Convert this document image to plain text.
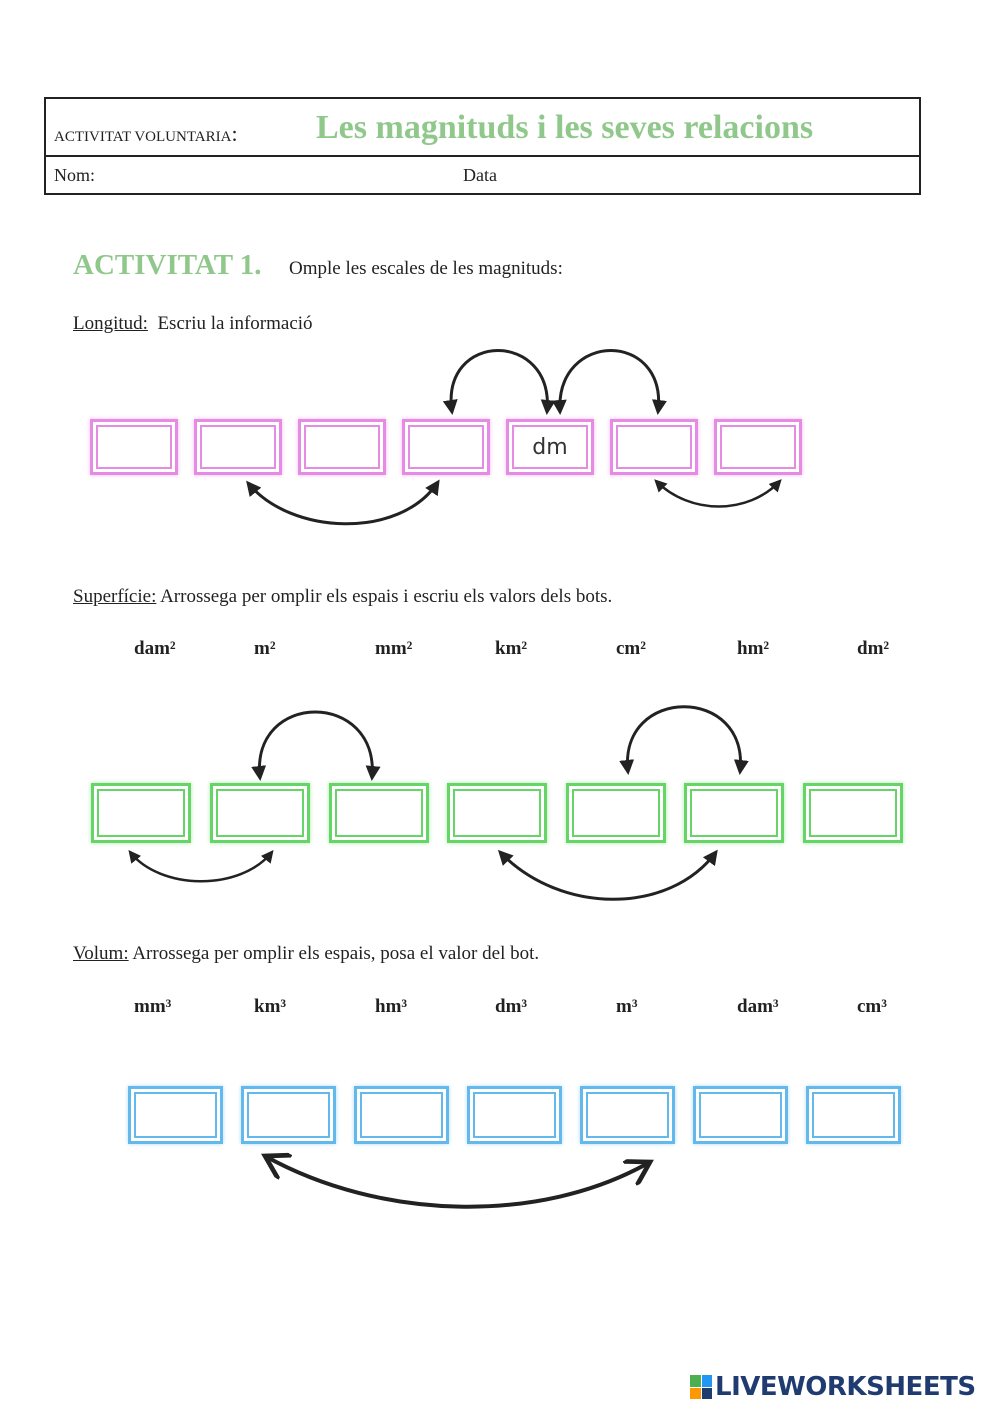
ACTIVITAT VOLUNTARIA: Les magnituds i les seves relacions
Nom:	Data
ACTIVITAT 1. Omple les escales de les magnituds:
Longitud: Escriu la informació
dm
Superfície: Arrossega per omplir els espais i escriu els valors dels bots.
dam²	m²	mm²	km²	cm²	hm²	dm²
Volum: Arrossega per omplir els espais, posa el valor del bot.
mm³	km³	hm³	dm³	m³	dam³	cm³
LIVEWORKSHEETS
